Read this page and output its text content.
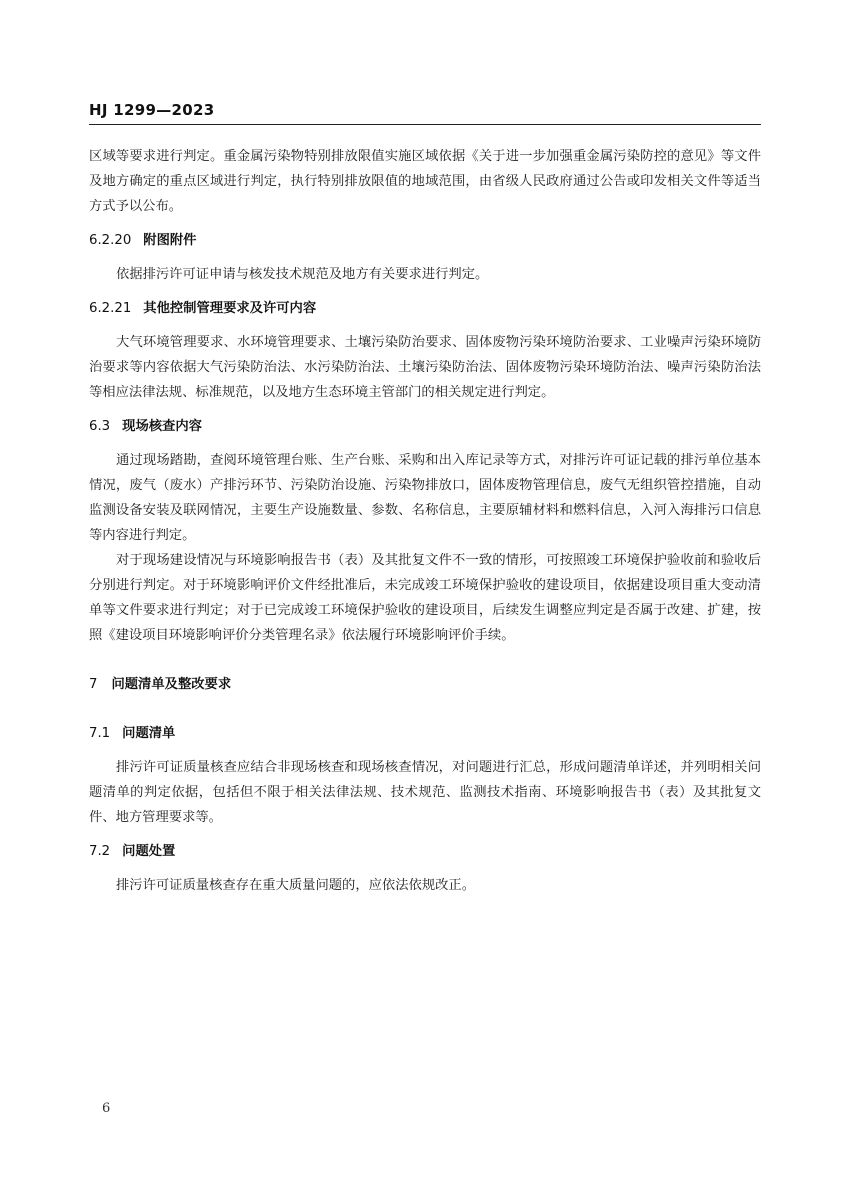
HJ 1299—2023

区域等要求进行判定。重金属污染物特别排放限值实施区域依据《关于进一步加强重金属污染防控的意见》等文件及地方确定的重点区域进行判定，执行特别排放限值的地域范围，由省级人民政府通过公告或印发相关文件等适当方式予以公布。

6.2.20 附图附件

依据排污许可证申请与核发技术规范及地方有关要求进行判定。

6.2.21 其他控制管理要求及许可内容

大气环境管理要求、水环境管理要求、土壤污染防治要求、固体废物污染环境防治要求、工业噪声污染环境防治要求等内容依据大气污染防治法、水污染防治法、土壤污染防治法、固体废物污染环境防治法、噪声污染防治法等相应法律法规、标准规范，以及地方生态环境主管部门的相关规定进行判定。

6.3 现场核查内容

通过现场踏勘，查阅环境管理台账、生产台账、采购和出入库记录等方式，对排污许可证记载的排污单位基本情况，废气（废水）产排污环节、污染防治设施、污染物排放口，固体废物管理信息，废气无组织管控措施，自动监测设备安装及联网情况，主要生产设施数量、参数、名称信息，主要原辅材料和燃料信息，入河入海排污口信息等内容进行判定。

对于现场建设情况与环境影响报告书（表）及其批复文件不一致的情形，可按照竣工环境保护验收前和验收后分别进行判定。对于环境影响评价文件经批准后，未完成竣工环境保护验收的建设项目，依据建设项目重大变动清单等文件要求进行判定；对于已完成竣工环境保护验收的建设项目，后续发生调整应判定是否属于改建、扩建，按照《建设项目环境影响评价分类管理名录》依法履行环境影响评价手续。

7 问题清单及整改要求

7.1 问题清单

排污许可证质量核查应结合非现场核查和现场核查情况，对问题进行汇总，形成问题清单详述，并列明相关问题清单的判定依据，包括但不限于相关法律法规、技术规范、监测技术指南、环境影响报告书（表）及其批复文件、地方管理要求等。

7.2 问题处置

排污许可证质量核查存在重大质量问题的，应依法依规改正。

6
